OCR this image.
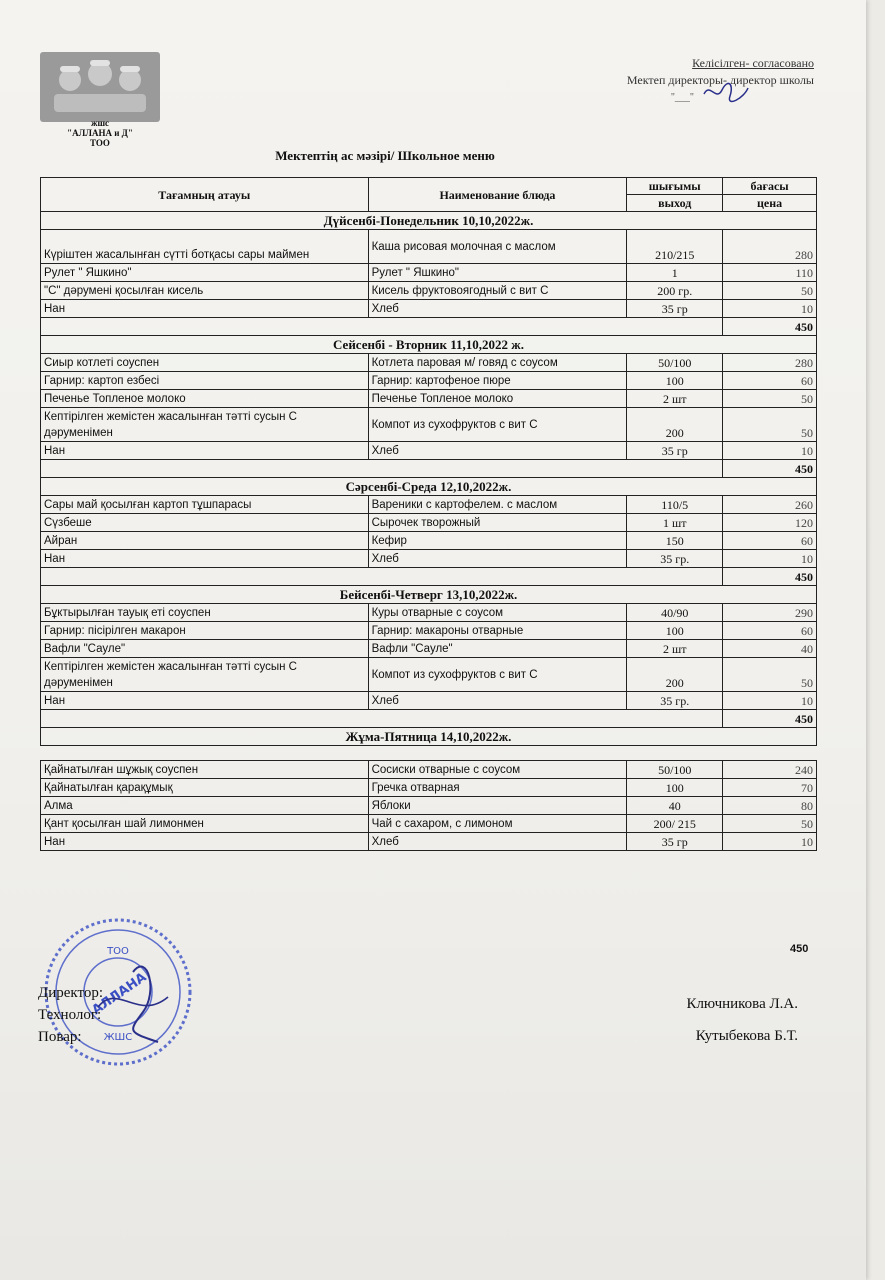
жшс
"АЛЛАНА и Д"
ТОО
Келісілген- согласовано
Мектеп директоры- директор школы
"___"
Мектептің ас мәзірі/ Школьное меню
Тағамның атауы	Наименование блюда	шығымы	бағасы
		выход	цена
Дүйсенбі-Понедельник 10,10,2022ж.			
Күріштен жасалынған сүтті ботқасы сары маймен	Каша рисовая молочная с маслом	210/215	280
Рулет " Яшкино"	Рулет " Яшкино"	1	110
"С" дәрумені қосылған кисель	Кисель фруктовоягодный с вит С	200 гр.	50
Нан	Хлеб	35 гр	10
			450
Сейсенбі - Вторник 11,10,2022 ж.			
Сиыр котлеті соуспен	Котлета паровая м/ говяд с соусом	50/100	280
Гарнир: картоп езбесі	Гарнир: картофеное пюре	100	60
Печенье Топленое молоко	Печенье Топленое молоко	2 шт	50
Кептірілген жемістен жасалынған тәтті сусын С дәруменімен	Компот из сухофруктов с вит С	200	50
Нан	Хлеб	35 гр	10
			450
Сәрсенбі-Среда 12,10,2022ж.			
Сары май қосылған картоп тұшпарасы	Вареники с картофелем. с маслом	110/5	260
Сүзбеше	Сырочек творожный	1 шт	120
Айран	Кефир	150	60
Нан	Хлеб	35 гр.	10
			450
Бейсенбі-Четверг 13,10,2022ж.			
Бұктырылған тауық еті соуспен	Куры отварные с соусом	40/90	290
Гарнир: пісірілген макарон	Гарнир: макароны отварные	100	60
Вафли "Сауле"	Вафли "Сауле"	2 шт	40
Кептірілген жемістен жасалынған тәтті сусын С дәруменімен	Компот из сухофруктов с вит С	200	50
Нан	Хлеб	35 гр.	10
			450
Жұма-Пятница 14,10,2022ж.			

Қайнатылған шұжық соуспен	Сосиски отварные с соусом	50/100	240
Қайнатылған қарақұмық	Гречка отварная	100	70
Алма	Яблоки	40	80
Қант қосылған шай лимонмен	Чай с сахаром, с лимоном	200/ 215	50
Нан	Хлеб	35 гр	10
450
ТОО
АЛЛАНА
ЖШС
Директор:
Технолог:
Повар:
Ключникова Л.А.
Кутыбекова Б.Т.
